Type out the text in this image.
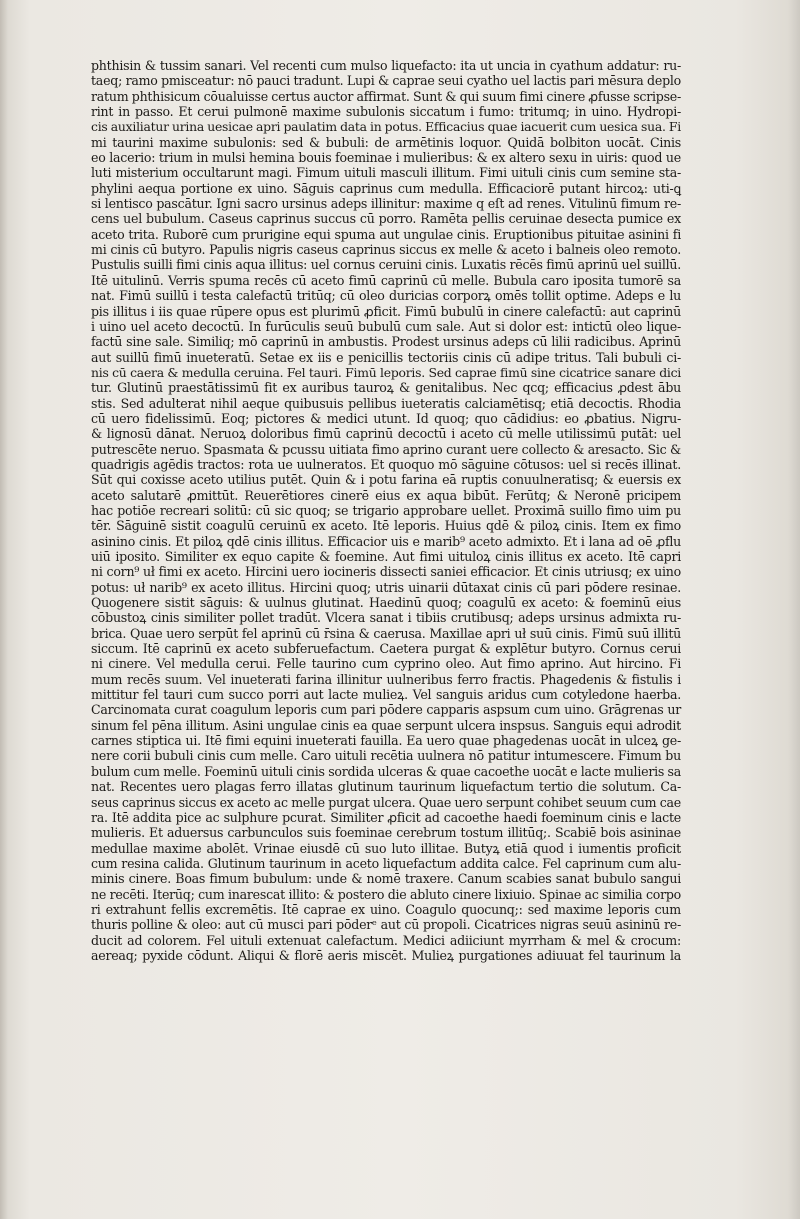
phthisin & tussim sanari. Vel recenti cum mulso liquefacto: ita ut uncia in cyathum addatur: ru-
taeq; ramo pmisceatur: nō pauci tradunt. Lupi & caprae seui cyatho uel lactis pari mēsura deplo
ratum phthisicum cōualuisse certus auctor affirmat. Sunt & qui suum fimi cinere ꝓfusse scripse-
rint in passo. Et cerui pulmonē maxime subulonis siccatum i fumo: tritumq; in uino. Hydropi-
cis auxiliatur urina uesicae apri paulatim data in potus. Efficacius quae iacuerit cum uesica sua. Fi
mi taurini maxime subulonis: sed & bubuli: de armētinis loquor. Quidā bolbiton uocāt. Cinis
eo lacerio: trium in mulsi hemina bouis foeminae i mulieribus: & ex altero sexu in uiris: quod ue
luti misterium occultarunt magi. Fimum uituli masculi illitum. Fimi uituli cinis cum semine sta-
phylini aequa portione ex uino. Sāguis caprinus cum medulla. Efficaciorē putant hircoꝝ: uti-ꝗ
si lentisco pascātur. Igni sacro ursinus adeps illinitur: maxime q eſt ad renes. Vitulinū fimum re-
cens uel bubulum. Caseus caprinus succus cū porro. Ramēta pellis ceruinae desecta pumice ex
aceto trita. Ruborē cum prurigine equi spuma aut ungulae cinis. Eruptionibus pituitae asinini fi
mi cinis cū butyro. Papulis nigris caseus caprinus siccus ex melle & aceto i balneis oleo remoto.
Pustulis suilli fimi cinis aqua illitus: uel cornus ceruini cinis. Luxatis rēcēs fimū aprinū uel suillū.
Itē uitulinū. Verris spuma recēs cū aceto fimū caprinū cū melle. Bubula caro iposita tumorē sa
nat. Fimū suillū i testa calefactū tritūq; cū oleo duricias corporꝝ omēs tollit optime. Adeps e lu
pis illitus i iis quae rūpere opus est plurimū ꝓficit. Fimū bubulū in cinere calefactū: aut caprinū
i uino uel aceto decoctū. In furūculis seuū bubulū cum sale. Aut si dolor est: intictū oleo lique-
factū sine sale. Similiq; mō caprinū in ambustis. Prodest ursinus adeps cū lilii radicibus. Aprinū
aut suillū fimū inueteratū. Setae ex iis e penicillis tectoriis cinis cū adipe tritus. Tali bubuli ci-
nis cū caera & medulla ceruina. Fel tauri. Fimū leporis. Sed caprae fimū sine cicatrice sanare dici
tur. Glutinū praestātissimū fit ex auribus tauroꝝ & genitalibus. Nec qcq; efficacius ꝓdest ābu
stis. Sed adulterat nihil aeque quibusuis pellibus iueteratis calciamētisq; etiā decoctis. Rhodia
cū uero fidelissimū. Eoq; pictores & medici utunt. Id quoq; quo cādidius: eo ꝓbatius. Nigru-
& lignosū dānat. Neruoꝝ doloribus fimū caprinū decoctū i aceto cū melle utilissimū putāt: uel
putrescēte neruo. Spasmata & pcussu uitiata fimo aprino curant uere collecto & aresacto. Sic &
quadrigis agēdis tractos: rota ue uulneratos. Et quoquo mō sāguine cōtusos: uel si recēs illinat.
Sūt qui coxisse aceto utilius putēt. Quin & i potu farina eā ruptis conuulneratisq; & euersis ex
aceto salutarē ꝓmittūt. Reuerētiores cinerē eius ex aqua bibūt. Ferūtq; & Neronē pricipem
hac potiōe recreari solitū: cū sic quoq; se trigario approbare uellet. Proximā suillo fimo uim pu
tēr. Sāguinē sistit coagulū ceruinū ex aceto. Itē leporis. Huius qdē & piloꝝ cinis. Item ex fimo
asinino cinis. Et piloꝝ qdē cinis illitus. Efficacior uis e marib⁹ aceto admixto. Et i lana ad oē ꝓflu
uiū iposito. Similiter ex equo capite & foemine. Aut fimi uituloꝝ cinis illitus ex aceto. Itē capri
ni corn⁹ uł fimi ex aceto. Hircini uero iocineris dissecti saniei efficacior. Et cinis utriusq; ex uino
potus: uł narib⁹ ex aceto illitus. Hircini quoq; utris uinarii dūtaxat cinis cū pari pōdere resinae.
Quogenere sistit sāguis: & uulnus glutinat. Haedinū quoq; coagulū ex aceto: & foeminū eius
cōbustoꝝ cinis similiter pollet tradūt. Vlcera sanat i tibiis crutibusq; adeps ursinus admixta ru-
brica. Quae uero serpūt fel aprinū cū r̄sina & caerusa. Maxillae apri uł suū cinis. Fimū suū illitū
siccum. Itē caprinū ex aceto subferuefactum. Caetera purgat & explētur butyro. Cornus cerui
ni cinere. Vel medulla cerui. Felle taurino cum cyprino oleo. Aut fimo aprino. Aut hircino. Fi
mum recēs suum. Vel inueterati farina illinitur uulneribus ferro fractis. Phagedenis & fistulis i
mittitur fel tauri cum succo porri aut lacte mulieꝝ. Vel sanguis aridus cum cotyledone haerba.
Carcinomata curat coagulum leporis cum pari pōdere capparis aspsum cum uino. Grāgrenas ur
sinum fel pēna illitum. Asini ungulae cinis ea quae serpunt ulcera inspsus. Sanguis equi adrodit
carnes stiptica ui. Itē fimi equini inueterati fauilla. Ea uero quae phagedenas uocāt in ulceꝝ ge-
nere corii bubuli cinis cum melle. Caro uituli recētia uulnera nō patitur intumescere. Fimum bu
bulum cum melle. Foeminū uituli cinis sordida ulceras & quae cacoethe uocāt e lacte mulieris sa
nat. Recentes uero plagas ferro illatas glutinum taurinum liquefactum tertio die solutum. Ca-
seus caprinus siccus ex aceto ac melle purgat ulcera. Quae uero serpunt cohibet seuum cum cae
ra. Itē addita pice ac sulphure pcurat. Similiter ꝓficit ad cacoethe haedi foeminum cinis e lacte
mulieris. Et aduersus carbunculos suis foeminae cerebrum tostum illitūq;. Scabiē bois asininae
medullae maxime abolēt. Vrinae eiusdē cū suo luto illitae. Butyꝝ etiā quod i iumentis proficit
cum resina calida. Glutinum taurinum in aceto liquefactum addita calce. Fel caprinum cum alu-
minis cinere. Boas fimum bubulum: unde & nomē traxere. Canum scabies sanat bubulo sangui
ne recēti. Iterūq; cum inarescat illito: & postero die abluto cinere lixiuio. Spinae ac similia corpo
ri extrahunt fellis excremētis. Itē caprae ex uino. Coagulo quocunq;: sed maxime leporis cum
thuris polline & oleo: aut cū musci pari pōderᵉ aut cū propoli. Cicatrices nigras seuū asininū re-
ducit ad colorem. Fel uituli extenuat calefactum. Medici adiiciunt myrrham & mel & crocum:
aereaq; pyxide cōdunt. Aliqui & florē aeris miscēt. Mulieꝝ purgationes adiuuat fel taurinum la
